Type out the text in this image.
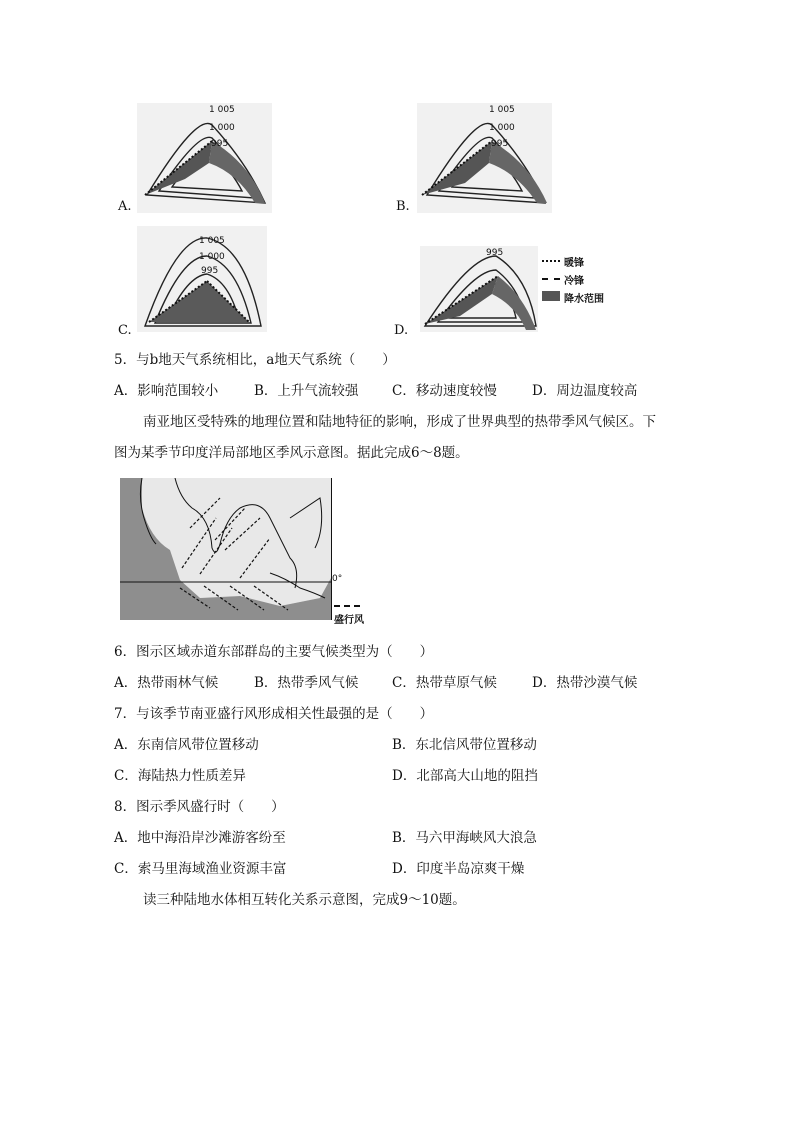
1 005
1 000
995
A.
1 005
1 000
995
B.
1 005
1 000
995
C.
995
D.
暖锋
冷锋
降水范围
5．与b地天气系统相比，a地天气系统（　　）
A．影响范围较小	B．上升气流较强 C．移动速度较慢	D．周边温度较高
南亚地区受特殊的地理位置和陆地特征的影响，形成了世界典型的热带季风气候区。下
图为某季节印度洋局部地区季风示意图。据此完成6～8题。
0°
盛行风
6．图示区域赤道东部群岛的主要气候类型为（　　）
A．热带雨林气候	B．热带季风气候 C．热带草原气候	D．热带沙漠气候
7．与该季节南亚盛行风形成相关性最强的是（　　）
A．东南信风带位置移动	B．东北信风带位置移动
C．海陆热力性质差异	D．北部高大山地的阻挡
8．图示季风盛行时（　　）
A．地中海沿岸沙滩游客纷至	B．马六甲海峡风大浪急
C．索马里海域渔业资源丰富	D．印度半岛凉爽干燥
读三种陆地水体相互转化关系示意图，完成9～10题。
